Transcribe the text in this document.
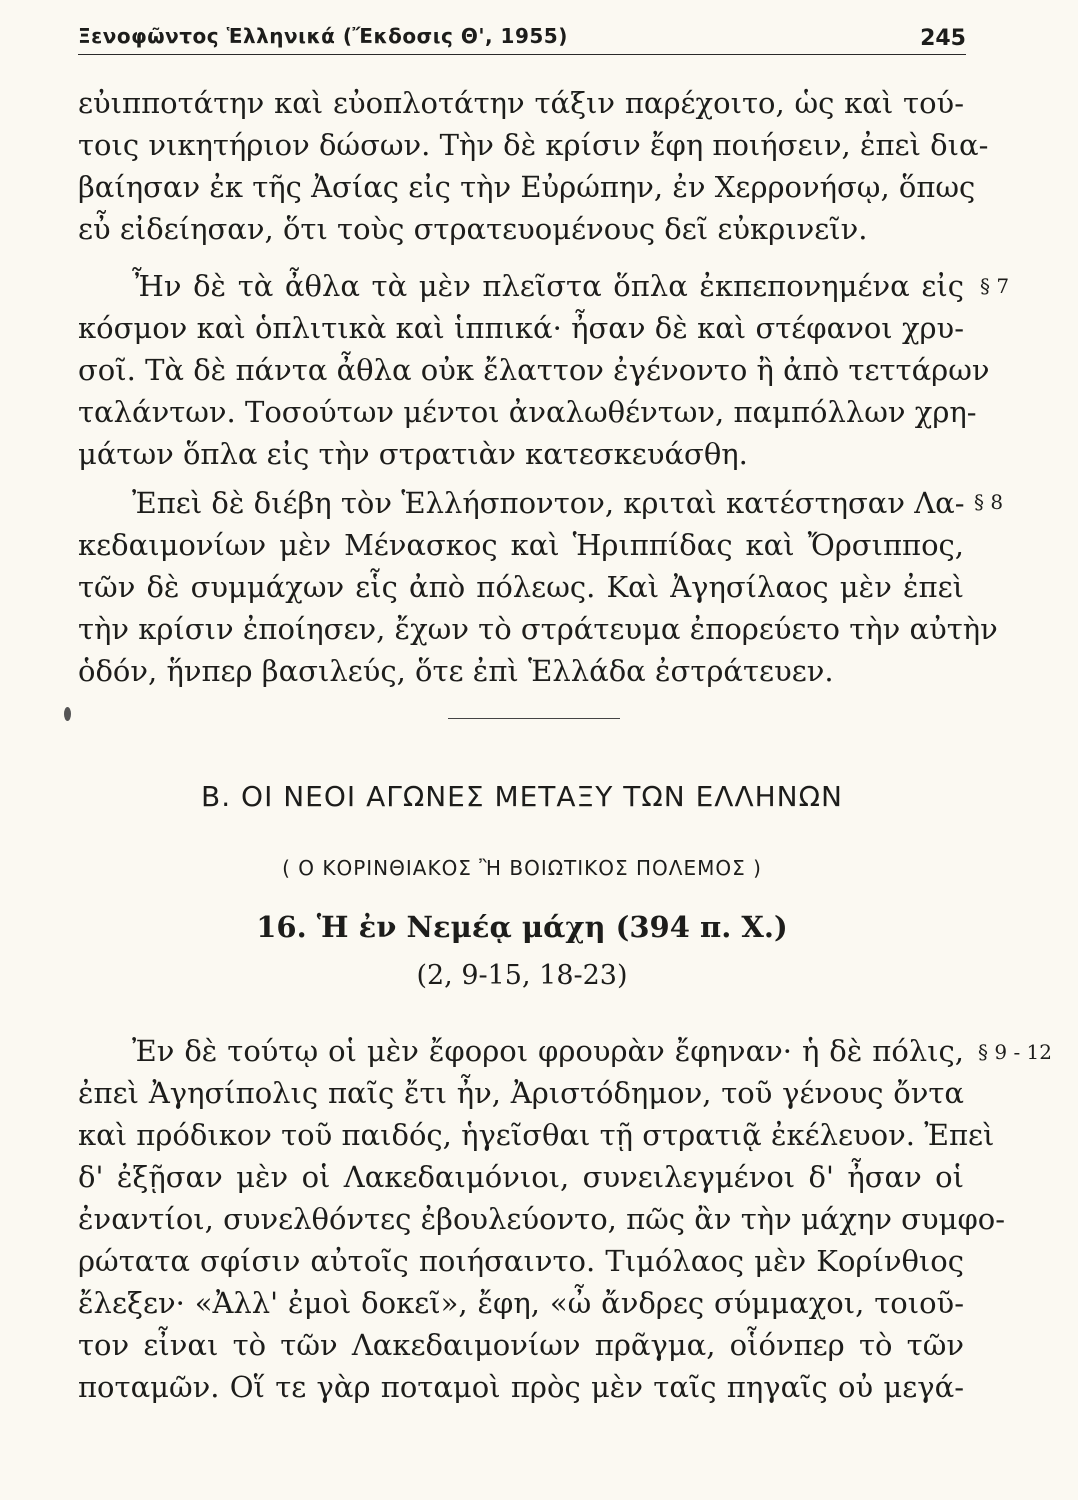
Ξενοφῶντος Ἑλληνικά (Ἔκδοσις Θ', 1955)	245
εὐιπποτάτην καὶ εὐοπλοτάτην τάξιν παρέχοιτο, ὡς καὶ τού-
τοις νικητήριον δώσων. Τὴν δὲ κρίσιν ἔφη ποιήσειν, ἐπεὶ δια-
βαίησαν ἐκ τῆς Ἀσίας εἰς τὴν Εὐρώπην, ἐν Χερρονήσῳ, ὅπως
εὖ εἰδείησαν, ὅτι τοὺς στρατευομένους δεῖ εὐκρινεῖν.
Ἦν δὲ τὰ ἆθλα τὰ μὲν πλεῖστα ὅπλα ἐκπεπονημένα εἰς
κόσμον καὶ ὁπλιτικὰ καὶ ἱππικά· ἦσαν δὲ καὶ στέφανοι χρυ-
σοῖ. Τὰ δὲ πάντα ἆθλα οὐκ ἔλαττον ἐγένοντο ἢ ἀπὸ τεττάρων
ταλάντων. Τοσούτων μέντοι ἀναλωθέντων, παμπόλλων χρη-
μάτων ὅπλα εἰς τὴν στρατιὰν κατεσκευάσθη.
§ 7
Ἐπεὶ δὲ διέβη τὸν Ἑλλήσποντον, κριταὶ κατέστησαν Λα-
κεδαιμονίων μὲν Μένασκος καὶ Ἡριππίδας καὶ Ὄρσιππος,
τῶν δὲ συμμάχων εἷς ἀπὸ πόλεως. Καὶ Ἀγησίλαος μὲν ἐπεὶ
τὴν κρίσιν ἐποίησεν, ἔχων τὸ στράτευμα ἐπορεύετο τὴν αὐτὴν
ὁδόν, ἥνπερ βασιλεύς, ὅτε ἐπὶ Ἑλλάδα ἐστράτευεν.
§ 8
B. ΟΙ ΝΕΟΙ ΑΓΩΝΕΣ ΜΕΤΑΞΥ ΤΩΝ ΕΛΛΗΝΩΝ
( Ο ΚΟΡΙΝΘΙΑΚΟΣ Ἢ ΒΟΙΩΤΙΚΟΣ ΠΟΛΕΜΟΣ )
16. Ἡ ἐν Νεμέᾳ μάχη (394 π. Χ.)
(2, 9-15, 18-23)
Ἐν δὲ τούτῳ οἱ μὲν ἔφοροι φρουρὰν ἔφηναν· ἡ δὲ πόλις,
ἐπεὶ Ἀγησίπολις παῖς ἔτι ἦν, Ἀριστόδημον, τοῦ γένους ὄντα
καὶ πρόδικον τοῦ παιδός, ἡγεῖσθαι τῇ στρατιᾷ ἐκέλευον. Ἐπεὶ
δ' ἐξῇσαν μὲν οἱ Λακεδαιμόνιοι, συνειλεγμένοι δ' ἦσαν οἱ
ἐναντίοι, συνελθόντες ἐβουλεύοντο, πῶς ἂν τὴν μάχην συμφο-
ρώτατα σφίσιν αὐτοῖς ποιήσαιντο. Τιμόλαος μὲν Κορίνθιος
ἔλεξεν· «Ἀλλ' ἐμοὶ δοκεῖ», ἔφη, «ὦ ἄνδρες σύμμαχοι, τοιοῦ-
τον εἶναι τὸ τῶν Λακεδαιμονίων πρᾶγμα, οἷόνπερ τὸ τῶν
ποταμῶν. Οἵ τε γὰρ ποταμοὶ πρὸς μὲν ταῖς πηγαῖς οὐ μεγά-
§ 9 - 12
